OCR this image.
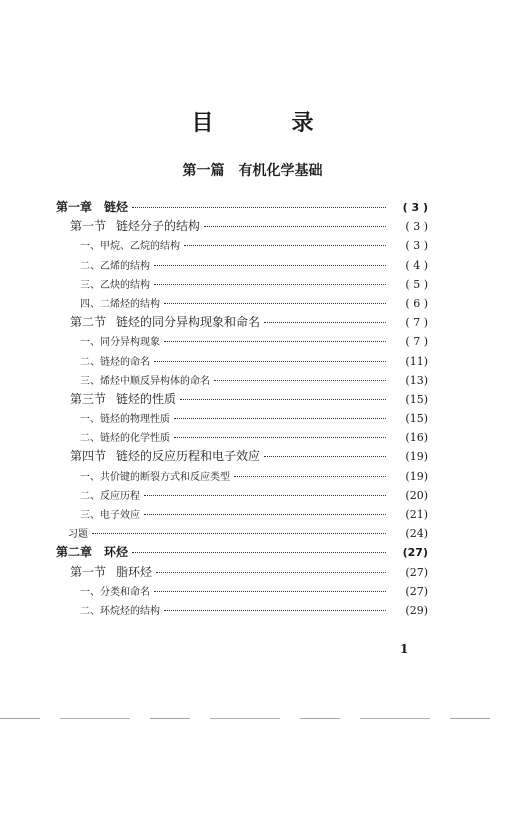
目　录
第一篇 有机化学基础
第一章 链烃	( 3 )
第一节 链烃分子的结构	( 3 )
一、甲烷、乙烷的结构	( 3 )
二、乙烯的结构	( 4 )
三、乙炔的结构	( 5 )
四、二烯烃的结构	( 6 )
第二节 链烃的同分异构现象和命名	( 7 )
一、同分异构现象	( 7 )
二、链烃的命名	(11)
三、烯烃中顺反异构体的命名	(13)
第三节 链烃的性质	(15)
一、链烃的物理性质	(15)
二、链烃的化学性质	(16)
第四节 链烃的反应历程和电子效应	(19)
一、共价键的断裂方式和反应类型	(19)
二、反应历程	(20)
三、电子效应	(21)
习题	(24)
第二章 环烃	(27)
第一节 脂环烃	(27)
一、分类和命名	(27)
二、环烷烃的结构	(29)
1
